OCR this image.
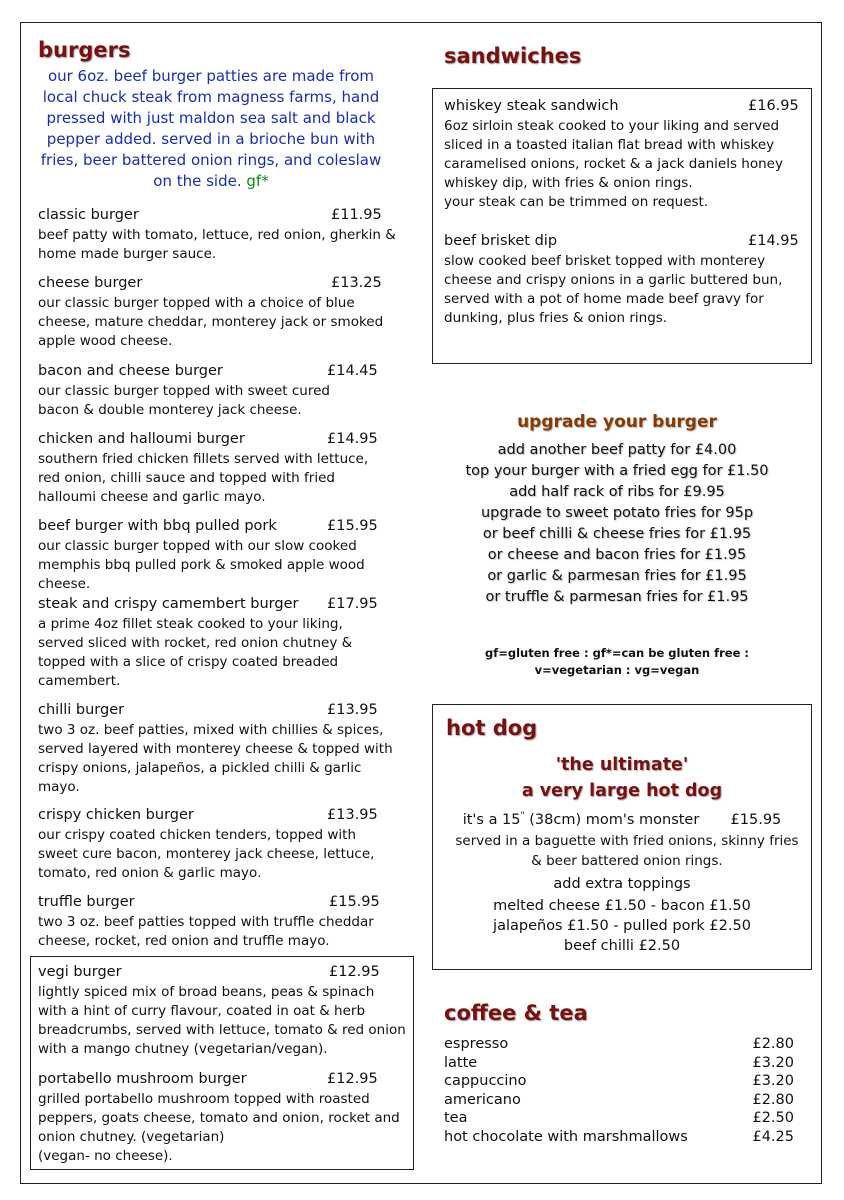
burgers
our 6oz. beef burger patties are made from local chuck steak from magness farms, hand pressed with just maldon sea salt and black pepper added. served in a brioche bun with fries, beer battered onion rings, and coleslaw on the side. gf*
classic burger	£11.95
beef patty with tomato, lettuce, red onion, gherkin & home made burger sauce.
cheese burger	£13.25
our classic burger topped with a choice of blue cheese, mature cheddar, monterey jack or smoked apple wood cheese.
bacon and cheese burger	£14.45
our classic burger topped with sweet cured bacon & double monterey jack cheese.
chicken and halloumi burger	£14.95
southern fried chicken fillets served with lettuce, red onion, chilli sauce and topped with fried halloumi cheese and garlic mayo.
beef burger with bbq pulled pork	£15.95
our classic burger topped with our slow cooked memphis bbq pulled pork & smoked apple wood cheese.
steak and crispy camembert burger £17.95
a prime 4oz fillet steak cooked to your liking, served sliced with rocket, red onion chutney & topped with a slice of crispy coated breaded camembert.
chilli burger	£13.95
two 3 oz. beef patties, mixed with chillies & spices, served layered with monterey cheese & topped with crispy onions, jalapeños, a pickled chilli & garlic mayo.
crispy chicken burger	£13.95
our crispy coated chicken tenders, topped with sweet cure bacon, monterey jack cheese, lettuce, tomato, red onion & garlic mayo.
truffle burger	£15.95
two 3 oz. beef patties topped with truffle cheddar cheese, rocket, red onion and truffle mayo.
vegi burger	£12.95
lightly spiced mix of broad beans, peas & spinach with a hint of curry flavour, coated in oat & herb breadcrumbs, served with lettuce, tomato & red onion with a mango chutney (vegetarian/vegan).
portabello mushroom burger	£12.95
grilled portabello mushroom topped with roasted peppers, goats cheese, tomato and onion, rocket and onion chutney. (vegetarian)
(vegan- no cheese).
sandwiches
whiskey steak sandwich	£16.95
6oz sirloin steak cooked to your liking and served sliced in a toasted italian flat bread with whiskey caramelised onions, rocket & a jack daniels honey whiskey dip, with fries & onion rings.
your steak can be trimmed on request.
beef brisket dip	£14.95
slow cooked beef brisket topped with monterey cheese and crispy onions in a garlic buttered bun, served with a pot of home made beef gravy for dunking, plus fries & onion rings.
upgrade your burger
add another beef patty for £4.00
top your burger with a fried egg for £1.50
add half rack of ribs for £9.95
upgrade to sweet potato fries for 95p
or beef chilli & cheese fries for £1.95
or cheese and bacon fries for £1.95
or garlic & parmesan fries for £1.95
or truffle & parmesan fries for £1.95
gf=gluten free : gf*=can be gluten free :
v=vegetarian : vg=vegan
hot dog
'the ultimate'
a very large hot dog
it's a 15" (38cm) mom's monster £15.95
served in a baguette with fried onions, skinny fries & beer battered onion rings.
add extra toppings
melted cheese £1.50 - bacon £1.50
jalapeños £1.50 - pulled pork £2.50
beef chilli £2.50
coffee & tea
espresso	£2.80
latte	£3.20
cappuccino	£3.20
americano	£2.80
tea	£2.50
hot chocolate with marshmallows	£4.25
